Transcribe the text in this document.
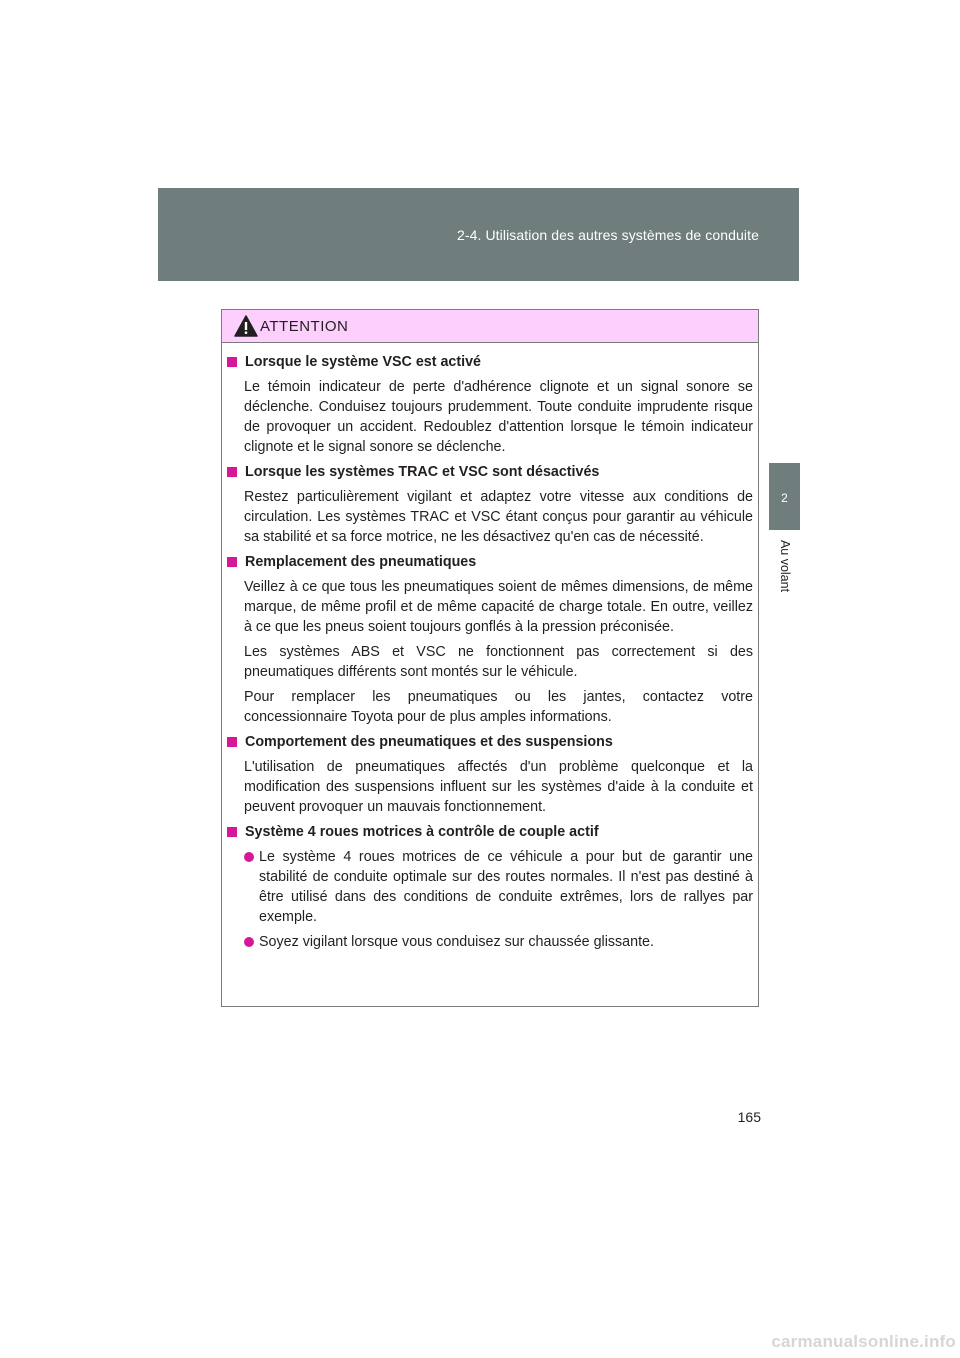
2-4. Utilisation des autres systèmes de conduite
2
Au volant
ATTENTION
Lorsque le système VSC est activé

Le témoin indicateur de perte d'adhérence clignote et un signal sonore se déclenche. Conduisez toujours prudemment. Toute conduite imprudente risque de provoquer un accident. Redoublez d'attention lorsque le témoin indicateur clignote et le signal sonore se déclenche.

Lorsque les systèmes TRAC et VSC sont désactivés

Restez particulièrement vigilant et adaptez votre vitesse aux conditions de circulation. Les systèmes TRAC et VSC étant conçus pour garantir au véhicule sa stabilité et sa force motrice, ne les désactivez qu'en cas de nécessité.

Remplacement des pneumatiques

Veillez à ce que tous les pneumatiques soient de mêmes dimensions, de même marque, de même profil et de même capacité de charge totale. En outre, veillez à ce que les pneus soient toujours gonflés à la pression préconisée.

Les systèmes ABS et VSC ne fonctionnent pas correctement si des pneumatiques différents sont montés sur le véhicule.

Pour remplacer les pneumatiques ou les jantes, contactez votre concessionnaire Toyota pour de plus amples informations.

Comportement des pneumatiques et des suspensions

L'utilisation de pneumatiques affectés d'un problème quelconque et la modification des suspensions influent sur les systèmes d'aide à la conduite et peuvent provoquer un mauvais fonctionnement.

Système 4 roues motrices à contrôle de couple actif
Le système 4 roues motrices de ce véhicule a pour but de garantir une stabilité de conduite optimale sur des routes normales. Il n'est pas destiné à être utilisé dans des conditions de conduite extrêmes, lors de rallyes par exemple.
Soyez vigilant lorsque vous conduisez sur chaussée glissante.
165
carmanualsonline.info
